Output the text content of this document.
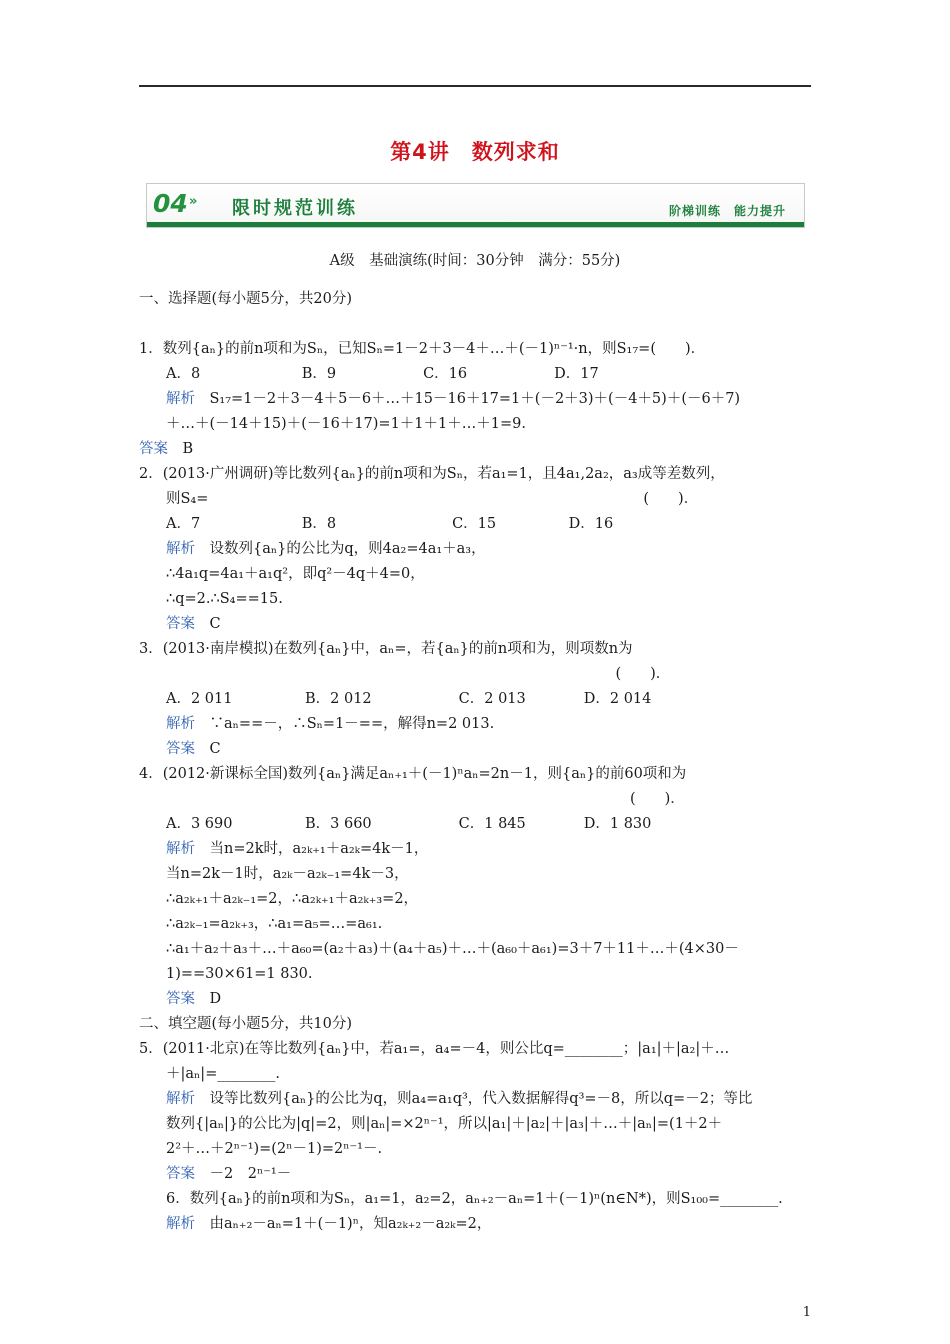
第4讲　数列求和
04 » 限时规范训练	阶梯训练　能力提升
A级　基础演练(时间：30分钟　满分：55分)
一、选择题(每小题5分，共20分)
1．数列{aₙ}的前n项和为Sₙ，已知Sₙ=1－2＋3－4＋…＋(－1)ⁿ⁻¹·n，则S₁₇=(　　)．
A．8　　　　　　　B．9　　　　　　C．16　　　　　　D．17
解析　 S₁₇=1－2＋3－4＋5－6＋…＋15－16＋17=1＋(－2＋3)＋(－4＋5)＋(－6＋7)
＋…＋(－14＋15)＋(－16＋17)=1＋1＋1＋…＋1=9.
答案　 B
2．(2013·广州调研)等比数列{aₙ}的前n项和为Sₙ，若a₁=1，且4a₁,2a₂，a₃成等差数列，
则S₄=　　　　　　　　　　　　　　　　　　　　　　　　　　　　　　(　　)．
A．7　　　　　　　B．8　　　　　　　　C．15　　　　　D．16
解析　 设数列{aₙ}的公比为q，则4a₂=4a₁＋a₃，
∴4a₁q=4a₁＋a₁q²，即q²－4q＋4=0，
∴q=2.∴S₄==15.
答案　 C
3．(2013·南岸模拟)在数列{aₙ}中，aₙ=，若{aₙ}的前n项和为，则项数n为
　　　　　　　　　　　　　　　　　　　　　　　　　　　　　　　(　　)．
A．2 011　　　　　B．2 012　　　　　　C．2 013　　　　D．2 014
解析　 ∵aₙ==－，∴Sₙ=1－==，解得n=2 013.
答案　 C
4．(2012·新课标全国)数列{aₙ}满足aₙ₊₁＋(－1)ⁿaₙ=2n－1，则{aₙ}的前60项和为
　　　　　　　　　　　　　　　　　　　　　　　　　　　　　　　　(　　)．
A．3 690　　　　　B．3 660　　　　　　C．1 845　　　　D．1 830
解析　 当n=2k时，a₂ₖ₊₁＋a₂ₖ=4k－1，
当n=2k－1时，a₂ₖ－a₂ₖ₋₁=4k－3，
∴a₂ₖ₊₁＋a₂ₖ₋₁=2，∴a₂ₖ₊₁＋a₂ₖ₊₃=2，
∴a₂ₖ₋₁=a₂ₖ₊₃，∴a₁=a₅=…=a₆₁.
∴a₁＋a₂＋a₃＋…＋a₆₀=(a₂＋a₃)＋(a₄＋a₅)＋…＋(a₆₀＋a₆₁)=3＋7＋11＋…＋(4×30－
1)==30×61=1 830.
答案　 D
二、填空题(每小题5分，共10分)
5．(2011·北京)在等比数列{aₙ}中，若a₁=，a₄=－4，则公比q=________；|a₁|＋|a₂|＋…
＋|aₙ|=________.
解析　 设等比数列{aₙ}的公比为q，则a₄=a₁q³，代入数据解得q³=－8，所以q=－2；等比
数列{|aₙ|}的公比为|q|=2，则|aₙ|=×2ⁿ⁻¹，所以|a₁|＋|a₂|＋|a₃|＋…＋|aₙ|=(1＋2＋
2²＋…＋2ⁿ⁻¹)=(2ⁿ－1)=2ⁿ⁻¹－.
答案　 －2　2ⁿ⁻¹－
6．数列{aₙ}的前n项和为Sₙ，a₁=1，a₂=2，aₙ₊₂－aₙ=1＋(－1)ⁿ(n∈N*)，则S₁₀₀=________.
解析　 由aₙ₊₂－aₙ=1＋(－1)ⁿ，知a₂ₖ₊₂－a₂ₖ=2，
1
